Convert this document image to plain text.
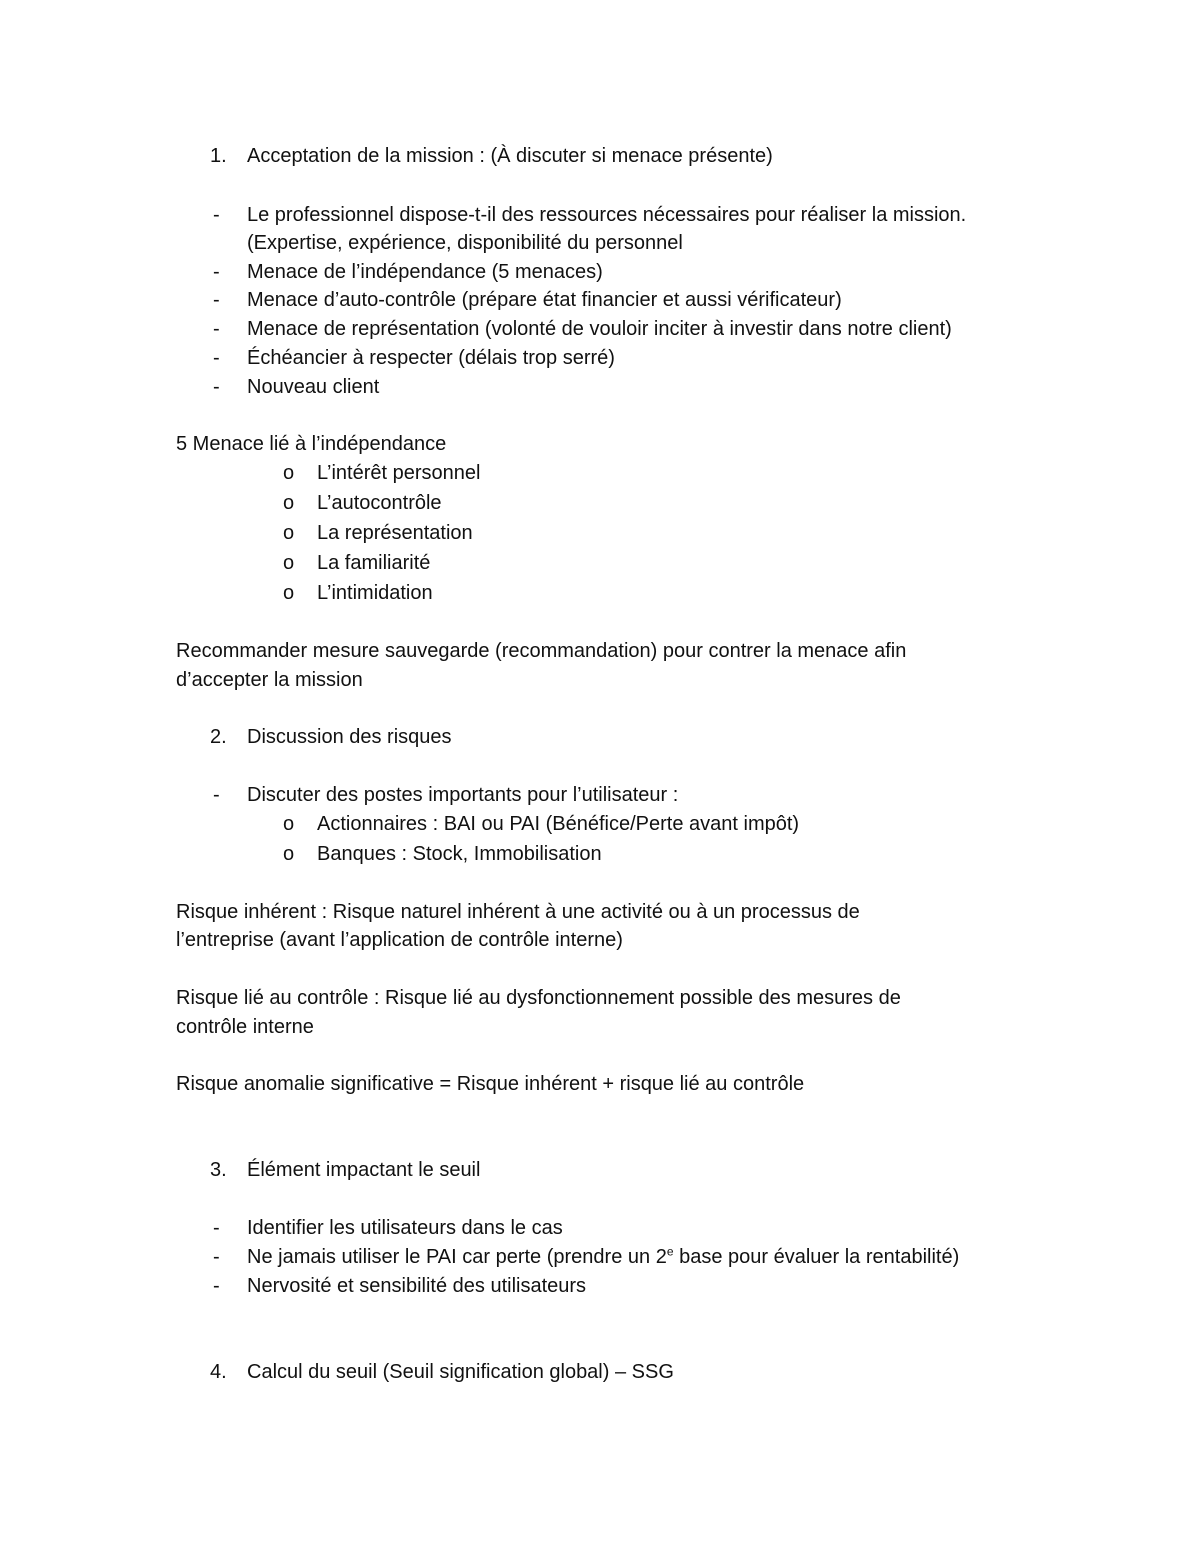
1. Acceptation de la mission : (À discuter si menace présente)
- Le professionnel dispose-t-il des ressources nécessaires pour réaliser la mission.
(Expertise, expérience, disponibilité du personnel
- Menace de l’indépendance (5 menaces)
- Menace d’auto-contrôle (prépare état financier et aussi vérificateur)
- Menace de représentation (volonté de vouloir inciter à investir dans notre client)
- Échéancier à respecter (délais trop serré)
- Nouveau client
5 Menace lié à l’indépendance
o L’intérêt personnel
o L’autocontrôle
o La représentation
o La familiarité
o L’intimidation
Recommander mesure sauvegarde (recommandation) pour contrer la menace afin
d’accepter la mission
2. Discussion des risques
- Discuter des postes importants pour l’utilisateur :
o Actionnaires : BAI ou PAI (Bénéfice/Perte avant impôt)
o Banques : Stock, Immobilisation
Risque inhérent : Risque naturel inhérent à une activité ou à un processus de
l’entreprise (avant l’application de contrôle interne)
Risque lié au contrôle : Risque lié au dysfonctionnement possible des mesures de
contrôle interne
Risque anomalie significative = Risque inhérent + risque lié au contrôle
3. Élément impactant le seuil
- Identifier les utilisateurs dans le cas
- Ne jamais utiliser le PAI car perte (prendre un 2e base pour évaluer la rentabilité)
- Nervosité et sensibilité des utilisateurs
4. Calcul du seuil (Seuil signification global) – SSG
